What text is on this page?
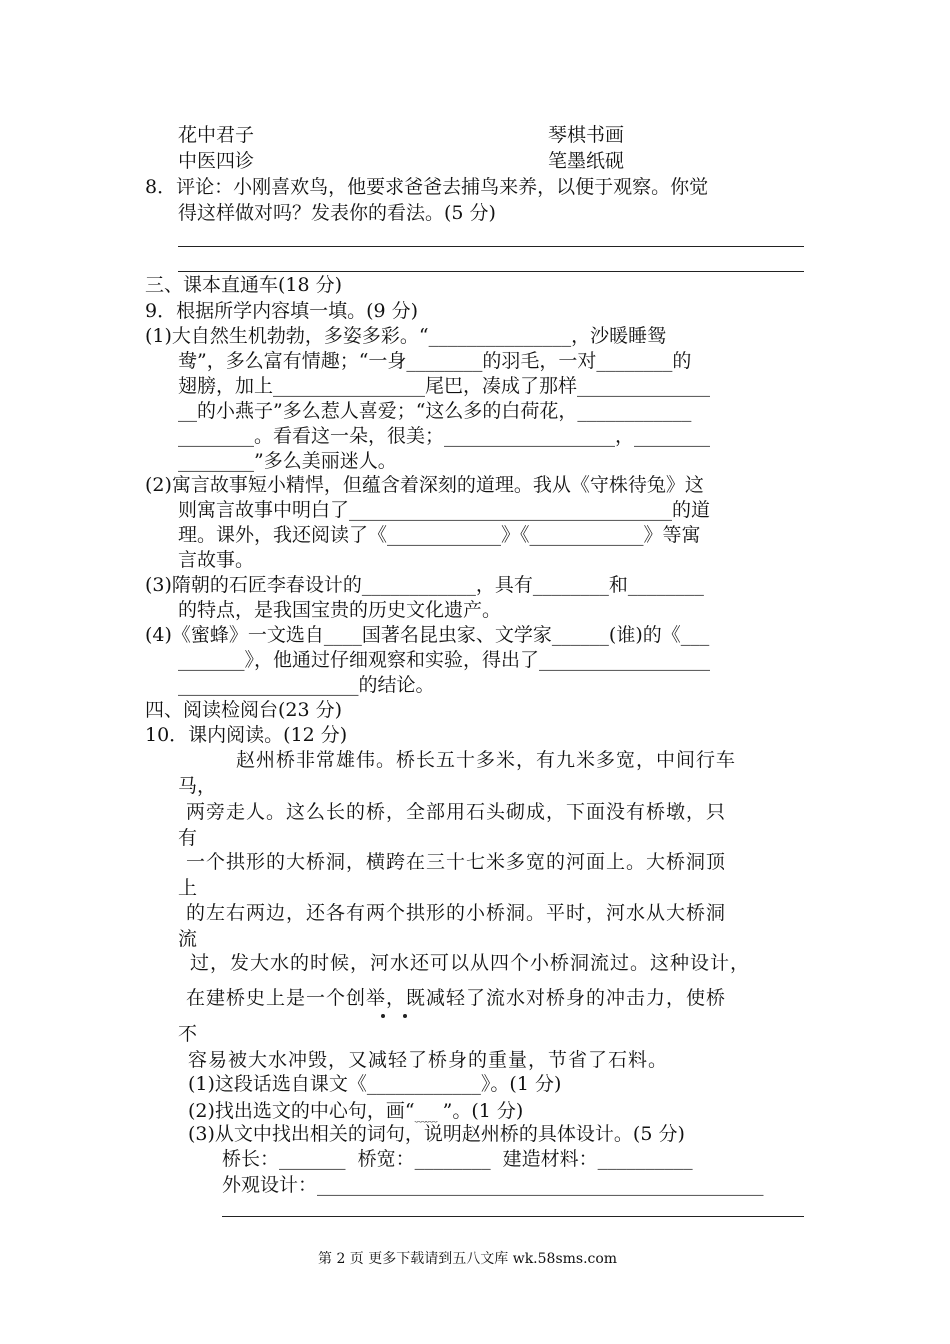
花中君子	琴棋书画
中医四诊	笔墨纸砚
8．评论：小刚喜欢鸟，他要求爸爸去捕鸟来养，以便于观察。你觉
得这样做对吗？发表你的看法。(5 分)
三、课本直通车(18 分)
9．根据所学内容填一填。(9 分)
(1)大自然生机勃勃，多姿多彩。“_______________，沙暖睡鸳
鸯”，多么富有情趣；“一身________的羽毛，一对________的
翅膀，加上________________尾巴，凑成了那样______________
__的小燕子”多么惹人喜爱；“这么多的白荷花，____________
________。看看这一朵，很美；__________________，________
________”多么美丽迷人。
(2)寓言故事短小精悍，但蕴含着深刻的道理。我从《守株待兔》这
则寓言故事中明白了__________________________________的道
理。课外，我还阅读了《____________》《____________》等寓
言故事。
(3)隋朝的石匠李春设计的____________，具有________和________
的特点，是我国宝贵的历史文化遗产。
(4)《蜜蜂》一文选自____国著名昆虫家、文学家______(谁)的《___
_______》，他通过仔细观察和实验，得出了__________________
___________________的结论。
四、阅读检阅台(23 分)
10．课内阅读。(12 分)
赵州桥非常雄伟。桥长五十多米，有九米多宽，中间行车
马，
两旁走人。这么长的桥，全部用石头砌成，下面没有桥墩，只
有
一个拱形的大桥洞，横跨在三十七米多宽的河面上。大桥洞顶
上
的左右两边，还各有两个拱形的小桥洞。平时，河水从大桥洞
流
过，发大水的时候，河水还可以从四个小桥洞流过。这种设计，
在建桥史上是一个创举，既减轻了流水对桥身的冲击力，使桥
不
容易被大水冲毁，又减轻了桥身的重量，节省了石料。
(1)这段话选自课文《____________》。(1 分)
(2)找出选文的中心句，画“ ﹏﹏ ”。(1 分)
(3)从文中找出相关的词句，说明赵州桥的具体设计。(5 分)
桥长：_______  桥宽：________  建造材料：__________
外观设计：_______________________________________________
第 2 页 更多下载请到五八文库 wk.58sms.com
